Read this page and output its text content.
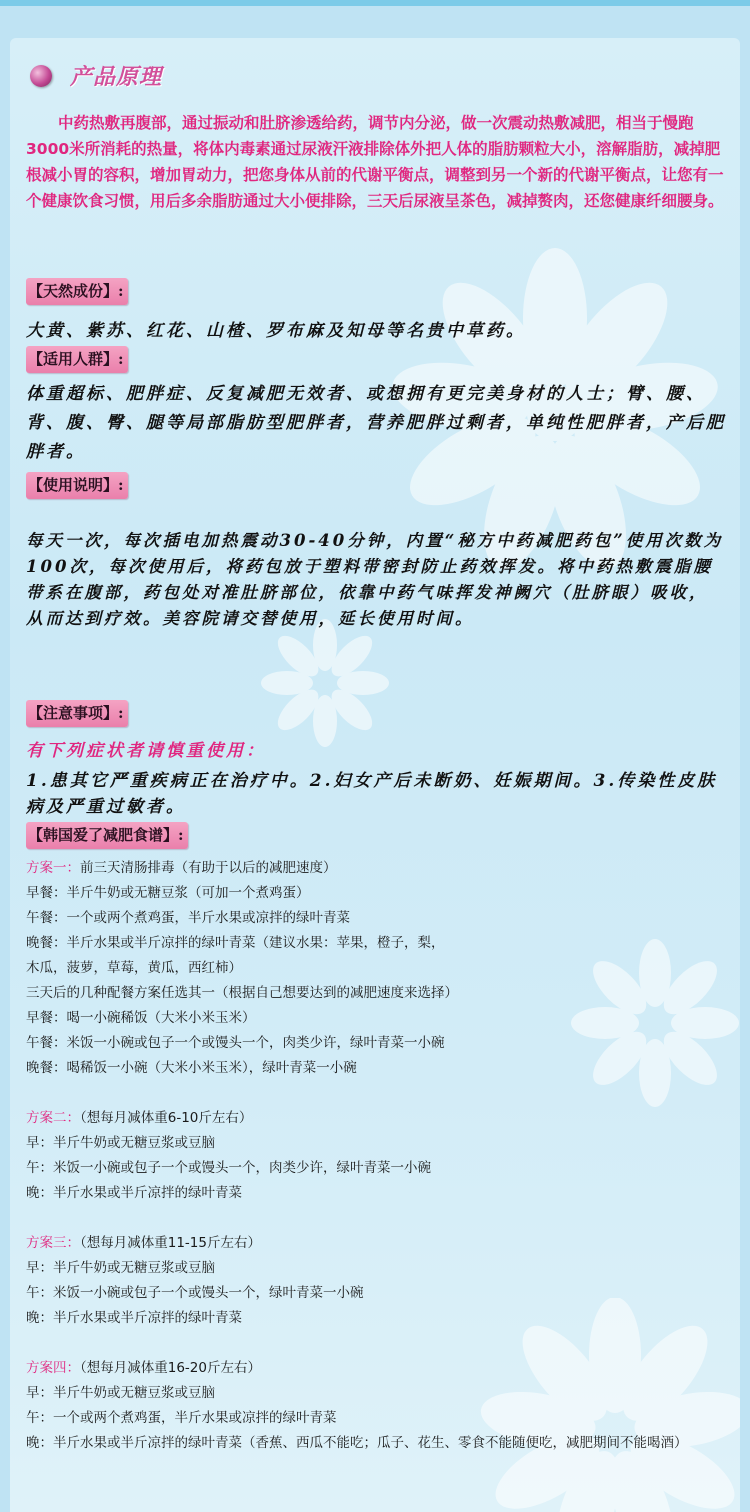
产品原理
中药热敷再腹部，通过振动和肚脐渗透给药，调节内分泌，做一次震动热敷减肥，相当于慢跑3000米所消耗的热量，将体内毒素通过尿液汗液排除体外把人体的脂肪颗粒大小，溶解脂肪，减掉肥根减小胃的容积，增加胃动力，把您身体从前的代谢平衡点，调整到另一个新的代谢平衡点，让您有一个健康饮食习惯，用后多余脂肪通过大小便排除，三天后尿液呈茶色，减掉赘肉，还您健康纤细腰身。
【天然成份】:
大黄、紫苏、红花、山楂、罗布麻及知母等名贵中草药。
【适用人群】:
体重超标、肥胖症、反复减肥无效者、或想拥有更完美身材的人士；臂、腰、背、腹、臀、腿等局部脂肪型肥胖者，营养肥胖过剩者，单纯性肥胖者，产后肥胖者。
【使用说明】:
每天一次，每次插电加热震动30-40分钟，内置“秘方中药减肥药包”使用次数为100次，每次使用后，将药包放于塑料带密封防止药效挥发。将中药热敷震脂腰带系在腹部，药包处对准肚脐部位，依靠中药气味挥发神阙穴（肚脐眼）吸收，从而达到疗效。美容院请交替使用，延长使用时间。
【注意事项】:
有下列症状者请慎重使用：
1.患其它严重疾病正在治疗中。2.妇女产后未断奶、妊娠期间。3.传染性皮肤病及严重过敏者。
【韩国爱了减肥食谱】:
方案一：前三天清肠排毒（有助于以后的减肥速度）
早餐：半斤牛奶或无糖豆浆（可加一个煮鸡蛋）
午餐：一个或两个煮鸡蛋，半斤水果或凉拌的绿叶青菜
晚餐：半斤水果或半斤凉拌的绿叶青菜（建议水果：苹果，橙子，梨，
木瓜，菠萝，草莓，黄瓜，西红柿）
三天后的几种配餐方案任选其一（根据自己想要达到的减肥速度来选择）
早餐：喝一小碗稀饭（大米小米玉米）
午餐：米饭一小碗或包子一个或馒头一个，肉类少许，绿叶青菜一小碗
晚餐：喝稀饭一小碗（大米小米玉米），绿叶青菜一小碗
方案二：（想每月减体重6-10斤左右）
早：半斤牛奶或无糖豆浆或豆脑
午：米饭一小碗或包子一个或馒头一个，肉类少许，绿叶青菜一小碗
晚：半斤水果或半斤凉拌的绿叶青菜
方案三：（想每月减体重11-15斤左右）
早：半斤牛奶或无糖豆浆或豆脑
午：米饭一小碗或包子一个或馒头一个，绿叶青菜一小碗
晚：半斤水果或半斤凉拌的绿叶青菜
方案四：（想每月减体重16-20斤左右）
早：半斤牛奶或无糖豆浆或豆脑
午：一个或两个煮鸡蛋，半斤水果或凉拌的绿叶青菜
晚：半斤水果或半斤凉拌的绿叶青菜（香蕉、西瓜不能吃；瓜子、花生、零食不能随便吃，减肥期间不能喝酒）
